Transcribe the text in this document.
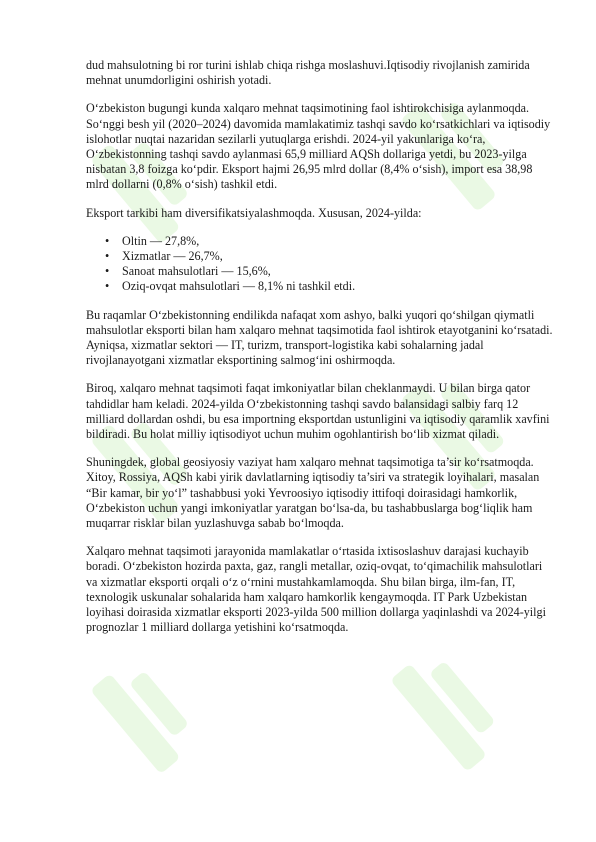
dud mahsulotning bi ror turini ishlab chiqa rishga moslashuvi.Iqtisodiy rivojlanish zamirida mehnat unumdorligini oshirish yotadi.

O‘zbekiston bugungi kunda xalqaro mehnat taqsimotining faol ishtirokchisiga aylanmoqda. So‘nggi besh yil (2020–2024) davomida mamlakatimiz tashqi savdo ko‘rsatkichlari va iqtisodiy islohotlar nuqtai nazaridan sezilarli yutuqlarga erishdi. 2024-yil yakunlariga ko‘ra, O‘zbekistonning tashqi savdo aylanmasi 65,9 milliard AQSh dollariga yetdi, bu 2023-yilga nisbatan 3,8 foizga ko‘pdir. Eksport hajmi 26,95 mlrd dollar (8,4% o‘sish), import esa 38,98 mlrd dollarni (0,8% o‘sish) tashkil etdi.

Eksport tarkibi ham diversifikatsiyalashmoqda. Xususan, 2024-yilda:

• Oltin — 27,8%,
• Xizmatlar — 26,7%,
• Sanoat mahsulotlari — 15,6%,
• Oziq-ovqat mahsulotlari — 8,1% ni tashkil etdi.

Bu raqamlar O‘zbekistonning endilikda nafaqat xom ashyo, balki yuqori qo‘shilgan qiymatli mahsulotlar eksporti bilan ham xalqaro mehnat taqsimotida faol ishtirok etayotganini ko‘rsatadi. Ayniqsa, xizmatlar sektori — IT, turizm, transport-logistika kabi sohalarning jadal rivojlanayotgani xizmatlar eksportining salmog‘ini oshirmoqda.

Biroq, xalqaro mehnat taqsimoti faqat imkoniyatlar bilan cheklanmaydi. U bilan birga qator tahdidlar ham keladi. 2024-yilda O‘zbekistonning tashqi savdo balansidagi salbiy farq 12 milliard dollardan oshdi, bu esa importning eksportdan ustunligini va iqtisodiy qaramlik xavfini bildiradi. Bu holat milliy iqtisodiyot uchun muhim ogohlantirish bo‘lib xizmat qiladi.

Shuningdek, global geosiyosiy vaziyat ham xalqaro mehnat taqsimotiga ta’sir ko‘rsatmoqda. Xitoy, Rossiya, AQSh kabi yirik davlatlarning iqtisodiy ta’siri va strategik loyihalari, masalan “Bir kamar, bir yo‘l” tashabbusi yoki Yevroosiyo iqtisodiy ittifoqi doirasidagi hamkorlik, O‘zbekiston uchun yangi imkoniyatlar yaratgan bo‘lsa-da, bu tashabbuslarga bog‘liqlik ham muqarrar risklar bilan yuzlashuvga sabab bo‘lmoqda.

Xalqaro mehnat taqsimoti jarayonida mamlakatlar o‘rtasida ixtisoslashuv darajasi kuchayib boradi. O‘zbekiston hozirda paxta, gaz, rangli metallar, oziq-ovqat, to‘qimachilik mahsulotlari va xizmatlar eksporti orqali o‘z o‘rnini mustahkamlamoqda. Shu bilan birga, ilm-fan, IT, texnologik uskunalar sohalarida ham xalqaro hamkorlik kengaymoqda. IT Park Uzbekistan loyihasi doirasida xizmatlar eksporti 2023-yilda 500 million dollarga yaqinlashdi va 2024-yilgi prognozlar 1 milliard dollarga yetishini ko‘rsatmoqda.
